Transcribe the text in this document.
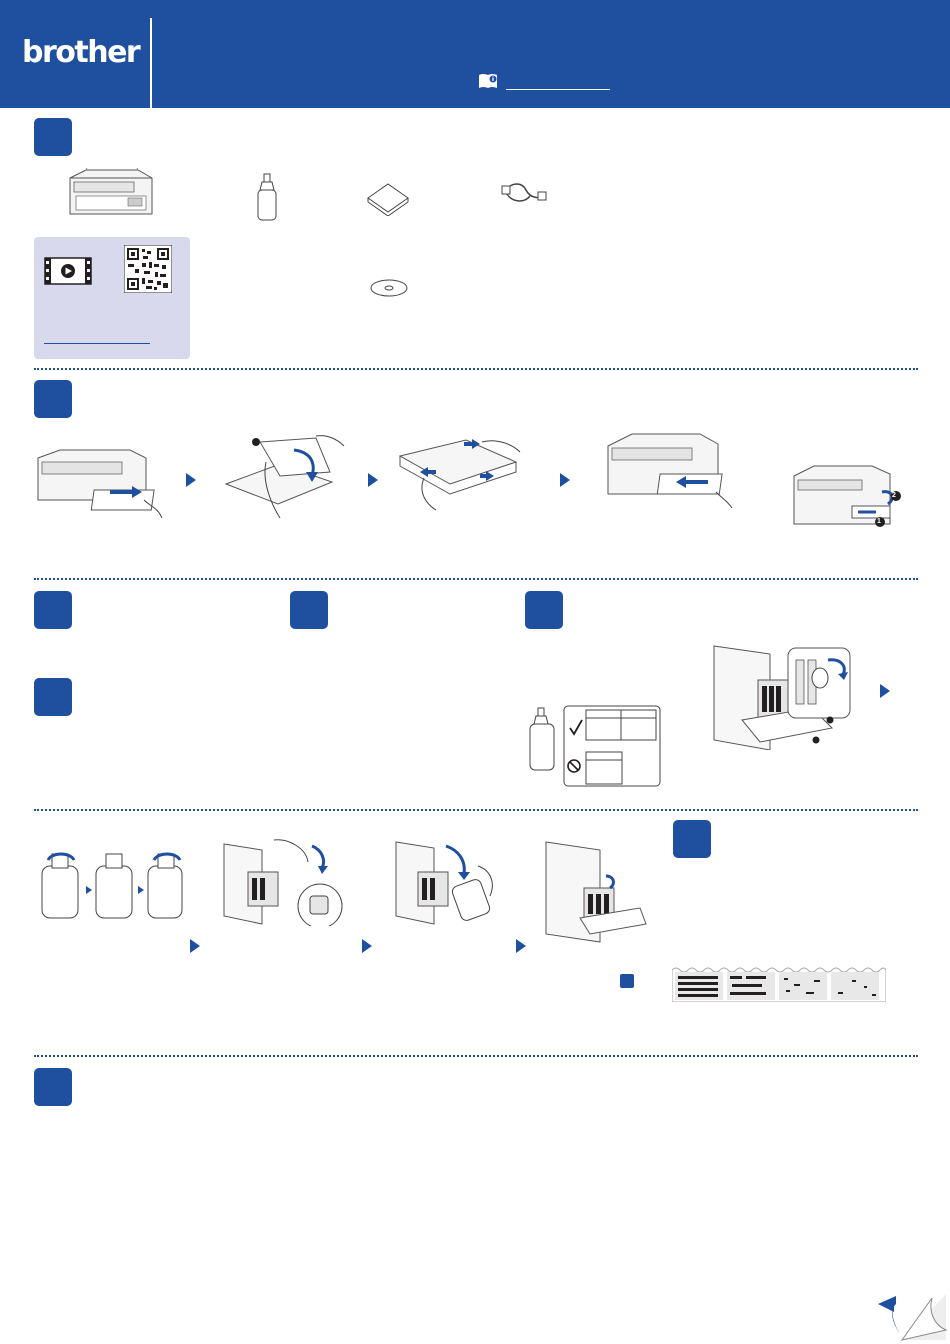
brother
2
1
